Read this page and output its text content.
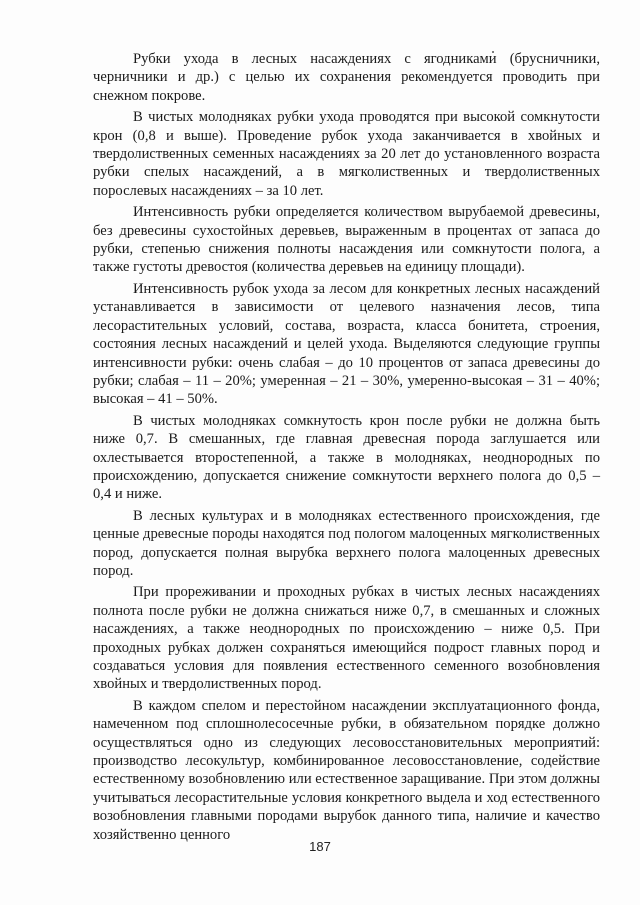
Рубки ухода в лесных насаждениях с ягодниками (брусничники, черничники и др.) с целью их сохранения рекомендуется проводить при снежном покрове.

В чистых молодняках рубки ухода проводятся при высокой сомкнутости крон (0,8 и выше). Проведение рубок ухода заканчивается в хвойных и твердолиственных семенных насаждениях за 20 лет до установленного возраста рубки спелых насаждений, а в мягколиственных и твердолиственных порослевых насаждениях – за 10 лет.

Интенсивность рубки определяется количеством вырубаемой древесины, без древесины сухостойных деревьев, выраженным в процентах от запаса до рубки, степенью снижения полноты насаждения или сомкнутости полога, а также густоты древостоя (количества деревьев на единицу площади).

Интенсивность рубок ухода за лесом для конкретных лесных насаждений устанавливается в зависимости от целевого назначения лесов, типа лесорастительных условий, состава, возраста, класса бонитета, строения, состояния лесных насаждений и целей ухода. Выделяются следующие группы интенсивности рубки: очень слабая – до 10 процентов от запаса древесины до рубки; слабая – 11 – 20%; умеренная – 21 – 30%, умеренно-высокая – 31 – 40%; высокая – 41 – 50%.

В чистых молодняках сомкнутость крон после рубки не должна быть ниже 0,7. В смешанных, где главная древесная порода заглушается или охлестывается второстепенной, а также в молодняках, неоднородных по происхождению, допускается снижение сомкнутости верхнего полога до 0,5 – 0,4 и ниже.

В лесных культурах и в молодняках естественного происхождения, где ценные древесные породы находятся под пологом малоценных мягколиственных пород, допускается полная вырубка верхнего полога малоценных древесных пород.

При прореживании и проходных рубках в чистых лесных насаждениях полнота после рубки не должна снижаться ниже 0,7, в смешанных и сложных насаждениях, а также неоднородных по происхождению – ниже 0,5. При проходных рубках должен сохраняться имеющийся подрост главных пород и создаваться условия для появления естественного семенного возобновления хвойных и твердолиственных пород.

В каждом спелом и перестойном насаждении эксплуатационного фонда, намеченном под сплошнолесосечные рубки, в обязательном порядке должно осуществляться одно из следующих лесовосстановительных мероприятий: производство лесокультур, комбинированное лесовосстановление, содействие естественному возобновлению или естественное заращивание. При этом должны учитываться лесорастительные условия конкретного выдела и ход естественного возобновления главными породами вырубок данного типа, наличие и качество хозяйственно ценного

187
